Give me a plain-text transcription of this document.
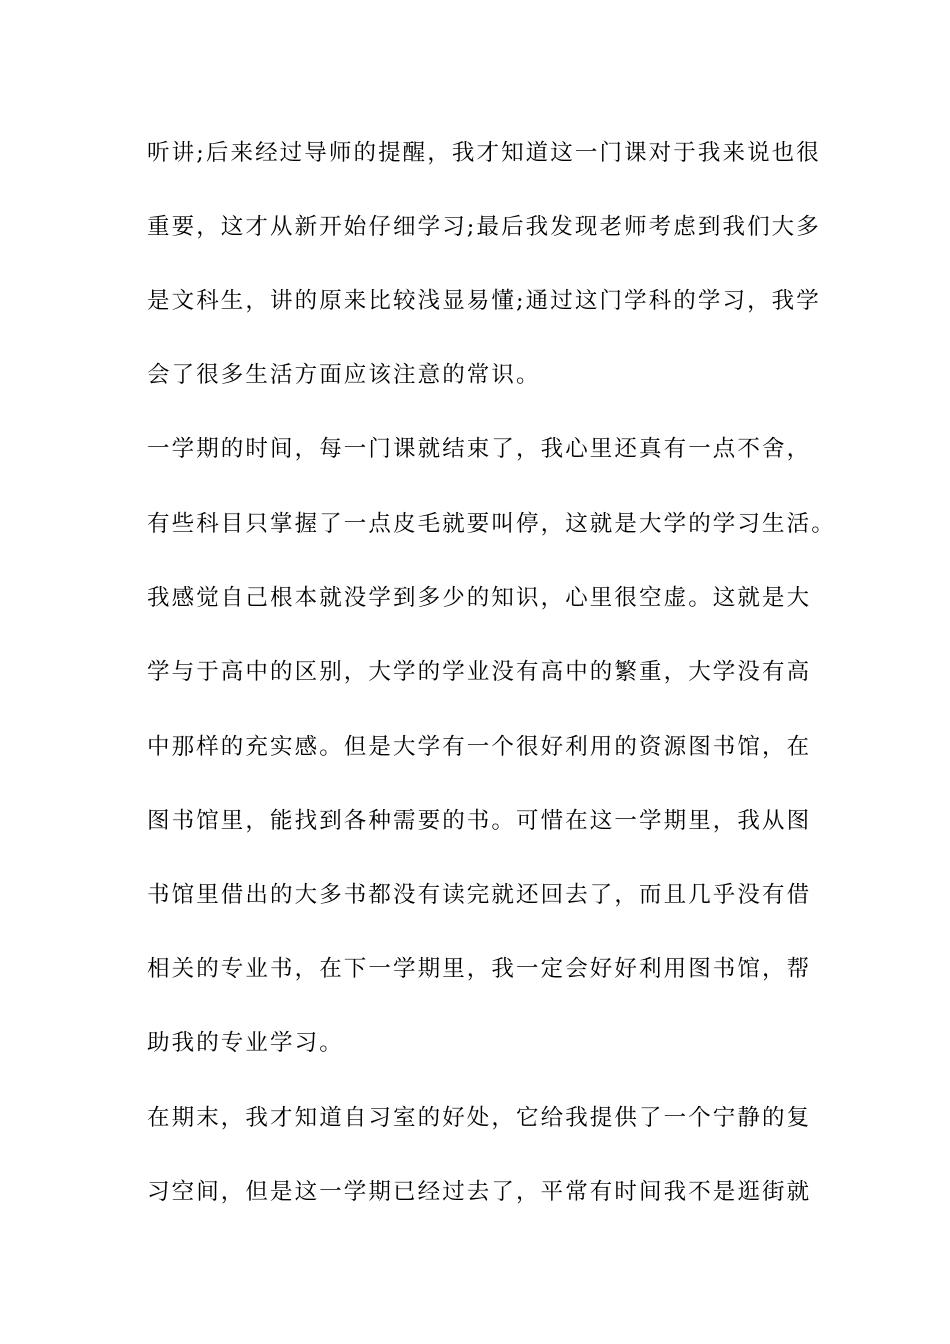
听讲;后来经过导师的提醒，我才知道这一门课对于我来说也很

重要，这才从新开始仔细学习;最后我发现老师考虑到我们大多

是文科生，讲的原来比较浅显易懂;通过这门学科的学习，我学

会了很多生活方面应该注意的常识。

一学期的时间，每一门课就结束了，我心里还真有一点不舍，

有些科目只掌握了一点皮毛就要叫停，这就是大学的学习生活。

我感觉自己根本就没学到多少的知识，心里很空虚。这就是大

学与于高中的区别，大学的学业没有高中的繁重，大学没有高

中那样的充实感。但是大学有一个很好利用的资源图书馆，在

图书馆里，能找到各种需要的书。可惜在这一学期里，我从图

书馆里借出的大多书都没有读完就还回去了，而且几乎没有借

相关的专业书，在下一学期里，我一定会好好利用图书馆，帮

助我的专业学习。

在期末，我才知道自习室的好处，它给我提供了一个宁静的复

习空间，但是这一学期已经过去了，平常有时间我不是逛街就
